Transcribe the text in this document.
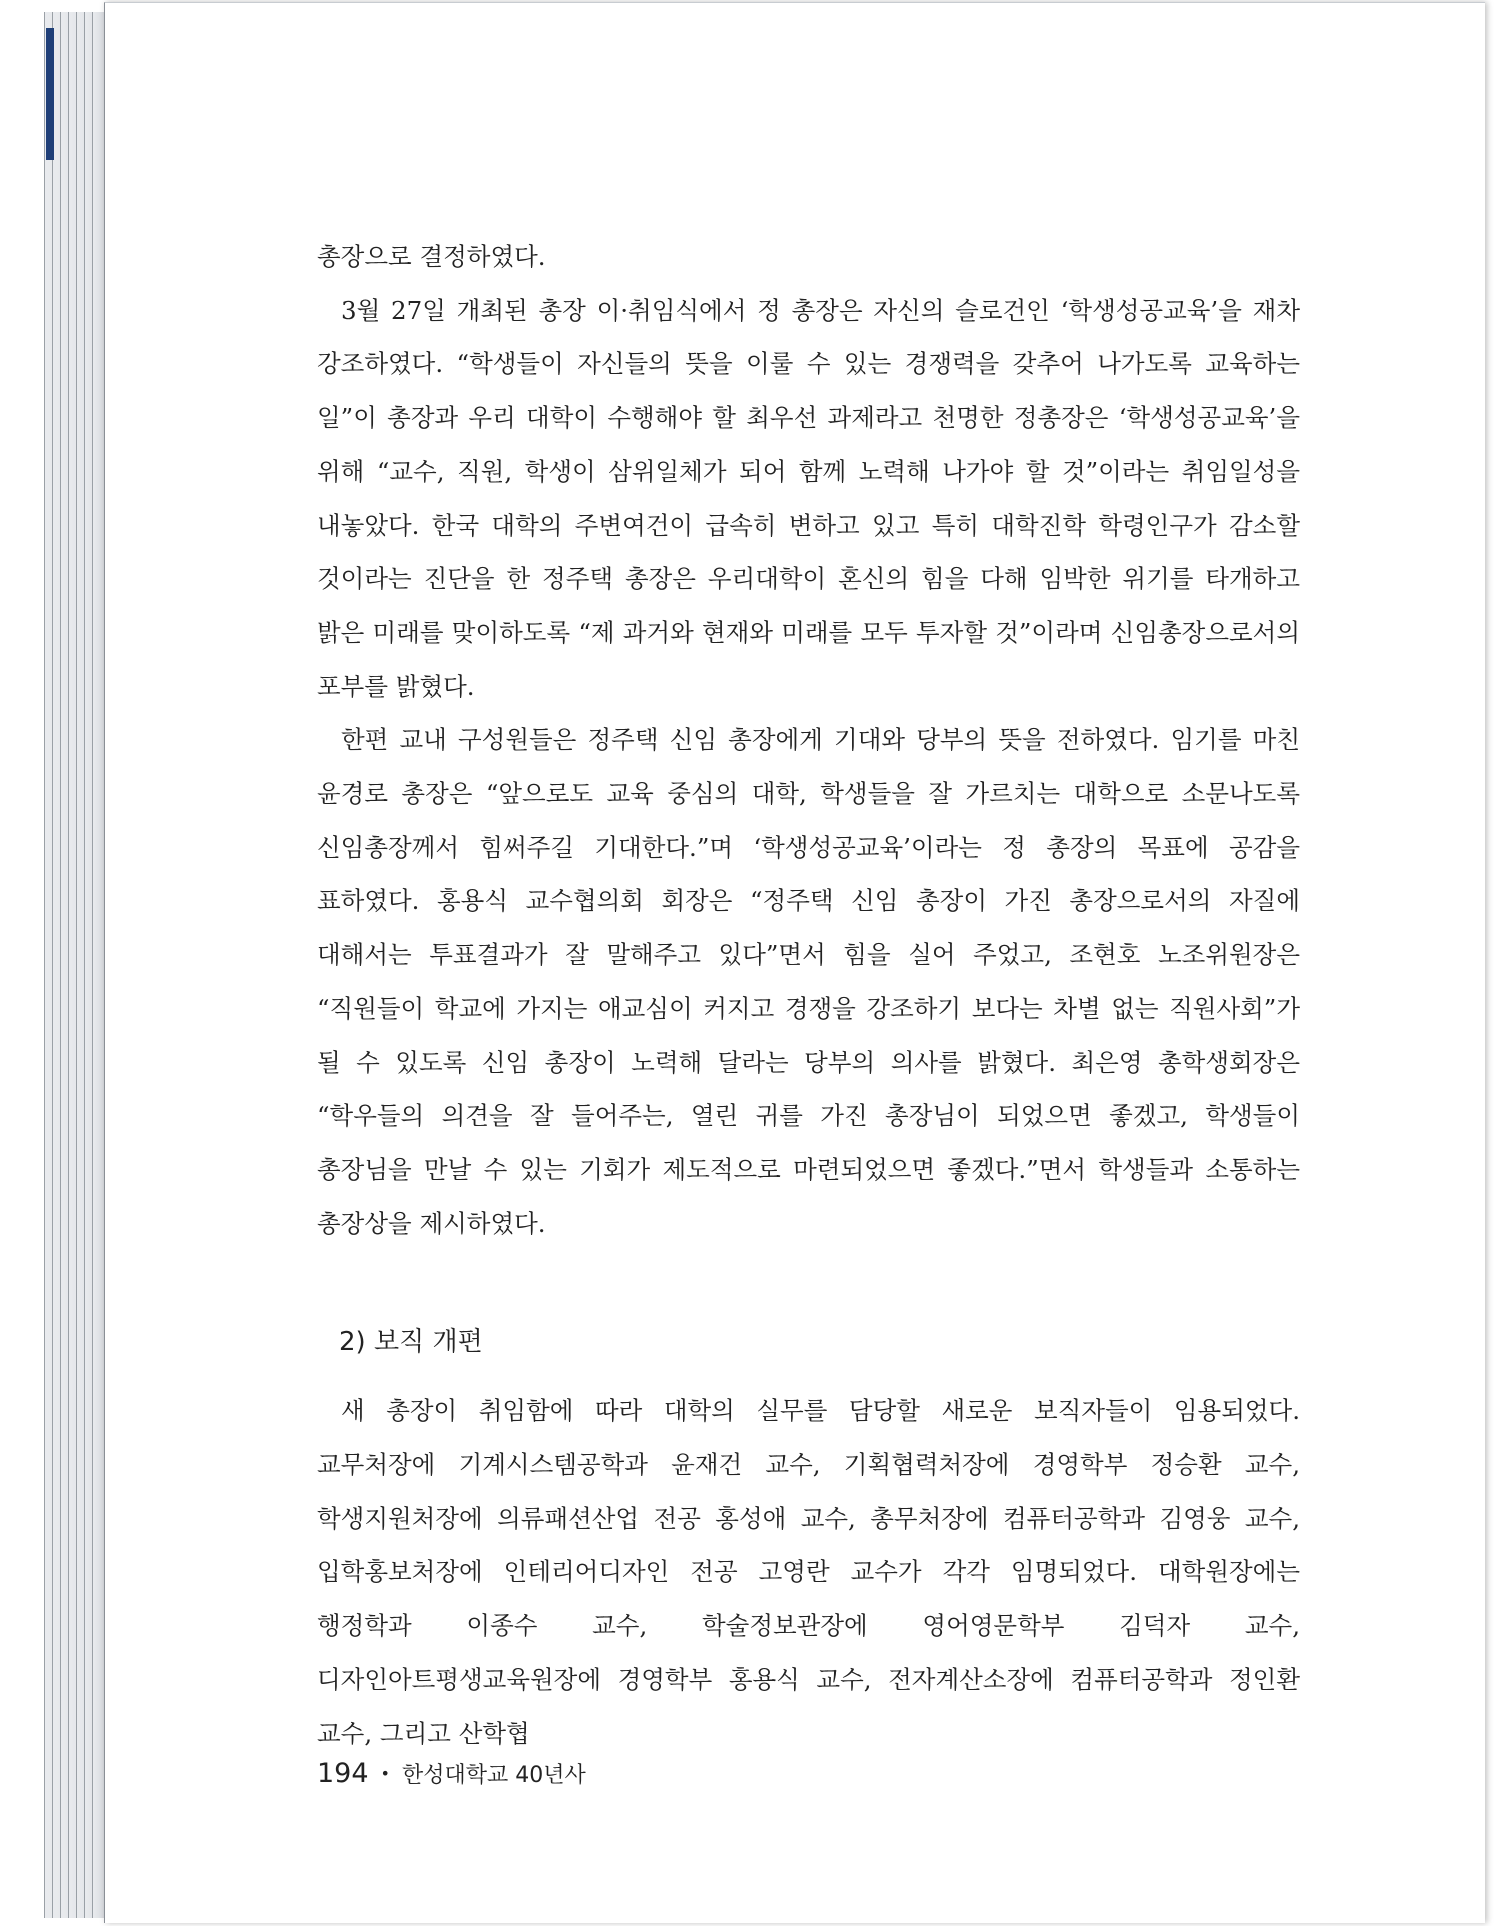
총장으로 결정하였다.

3월 27일 개최된 총장 이·취임식에서 정 총장은 자신의 슬로건인 ‘학생성공교육’을 재차 강조하였다. “학생들이 자신들의 뜻을 이룰 수 있는 경쟁력을 갖추어 나가도록 교육하는 일”이 총장과 우리 대학이 수행해야 할 최우선 과제라고 천명한 정총장은 ‘학생성공교육’을 위해 “교수, 직원, 학생이 삼위일체가 되어 함께 노력해 나가야 할 것”이라는 취임일성을 내놓았다. 한국 대학의 주변여건이 급속히 변하고 있고 특히 대학진학 학령인구가 감소할 것이라는 진단을 한 정주택 총장은 우리대학이 혼신의 힘을 다해 임박한 위기를 타개하고 밝은 미래를 맞이하도록 “제 과거와 현재와 미래를 모두 투자할 것”이라며 신임총장으로서의 포부를 밝혔다.

한편 교내 구성원들은 정주택 신임 총장에게 기대와 당부의 뜻을 전하였다. 임기를 마친 윤경로 총장은 “앞으로도 교육 중심의 대학, 학생들을 잘 가르치는 대학으로 소문나도록 신임총장께서 힘써주길 기대한다.”며 ‘학생성공교육’이라는 정 총장의 목표에 공감을 표하였다. 홍용식 교수협의회 회장은 “정주택 신임 총장이 가진 총장으로서의 자질에 대해서는 투표결과가 잘 말해주고 있다”면서 힘을 실어 주었고, 조현호 노조위원장은 “직원들이 학교에 가지는 애교심이 커지고 경쟁을 강조하기 보다는 차별 없는 직원사회”가 될 수 있도록 신임 총장이 노력해 달라는 당부의 의사를 밝혔다. 최은영 총학생회장은 “학우들의 의견을 잘 들어주는, 열린 귀를 가진 총장님이 되었으면 좋겠고, 학생들이 총장님을 만날 수 있는 기회가 제도적으로 마련되었으면 좋겠다.”면서 학생들과 소통하는 총장상을 제시하였다.

2) 보직 개편

새 총장이 취임함에 따라 대학의 실무를 담당할 새로운 보직자들이 임용되었다. 교무처장에 기계시스템공학과 윤재건 교수, 기획협력처장에 경영학부 정승환 교수, 학생지원처장에 의류패션산업 전공 홍성애 교수, 총무처장에 컴퓨터공학과 김영웅 교수, 입학홍보처장에 인테리어디자인 전공 고영란 교수가 각각 임명되었다. 대학원장에는 행정학과 이종수 교수, 학술정보관장에 영어영문학부 김덕자 교수, 디자인아트평생교육원장에 경영학부 홍용식 교수, 전자계산소장에 컴퓨터공학과 정인환 교수, 그리고 산학협

194 • 한성대학교 40년사
